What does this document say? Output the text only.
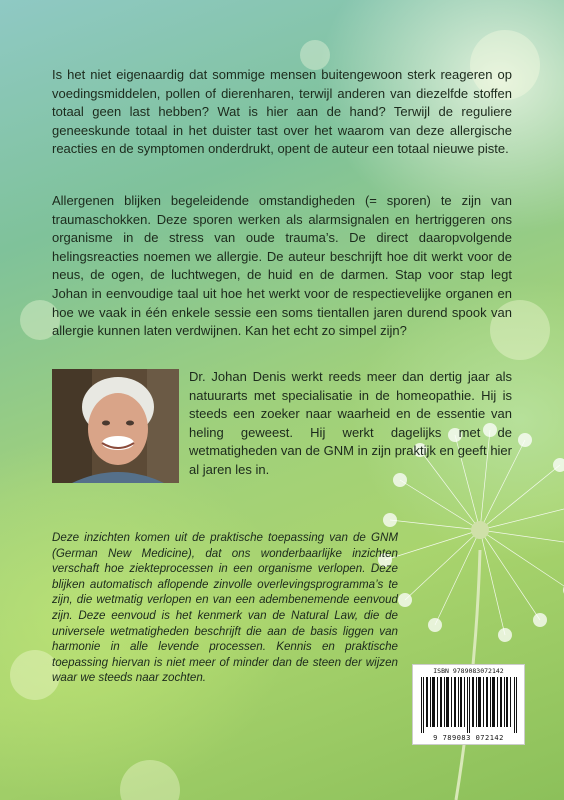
Is het niet eigenaardig dat sommige mensen buitengewoon sterk reageren op voedingsmiddelen, pollen of dierenharen, terwijl anderen van diezelfde stoffen totaal geen last hebben? Wat is hier aan de hand? Terwijl de reguliere geneeskunde totaal in het duister tast over het waarom van deze allergische reacties en de symptomen onderdrukt, opent de auteur een totaal nieuwe piste.
Allergenen blijken begeleidende omstandigheden (= sporen) te zijn van traumaschokken. Deze sporen werken als alarmsignalen en hertriggeren ons organisme in de stress van oude trauma’s. De direct daaropvolgende helingsreacties noemen we allergie. De auteur beschrijft hoe dit werkt voor de neus, de ogen, de luchtwegen, de huid en de darmen. Stap voor stap legt Johan in eenvoudige taal uit hoe het werkt voor de respectievelijke organen en hoe we vaak in één enkele sessie een soms tientallen jaren durend spook van allergie kunnen laten verdwijnen. Kan het echt zo simpel zijn?
Dr. Johan Denis werkt reeds meer dan dertig jaar als natuurarts met specialisatie in de homeopathie. Hij is steeds een zoeker naar waarheid en de essentie van heling geweest. Hij werkt dagelijks met de wetmatigheden van de GNM in zijn praktijk en geeft hier al jaren les in.
Deze inzichten komen uit de praktische toepassing van de GNM (German New Medicine), dat ons wonderbaarlijke inzichten verschaft hoe ziekteprocessen in een organisme verlopen. Deze blijken automatisch aflopende zinvolle overlevingsprogramma’s te zijn, die wetmatig verlopen en van een adembenemende eenvoud zijn. Deze eenvoud is het kenmerk van de Natural Law, die de universele wetmatigheden beschrijft die aan de basis liggen van harmonie in alle levende processen. Kennis en praktische toepassing hiervan is niet meer of minder dan de steen der wijzen waar we steeds naar zochten.
ISBN 9789083072142
9 789083 072142
